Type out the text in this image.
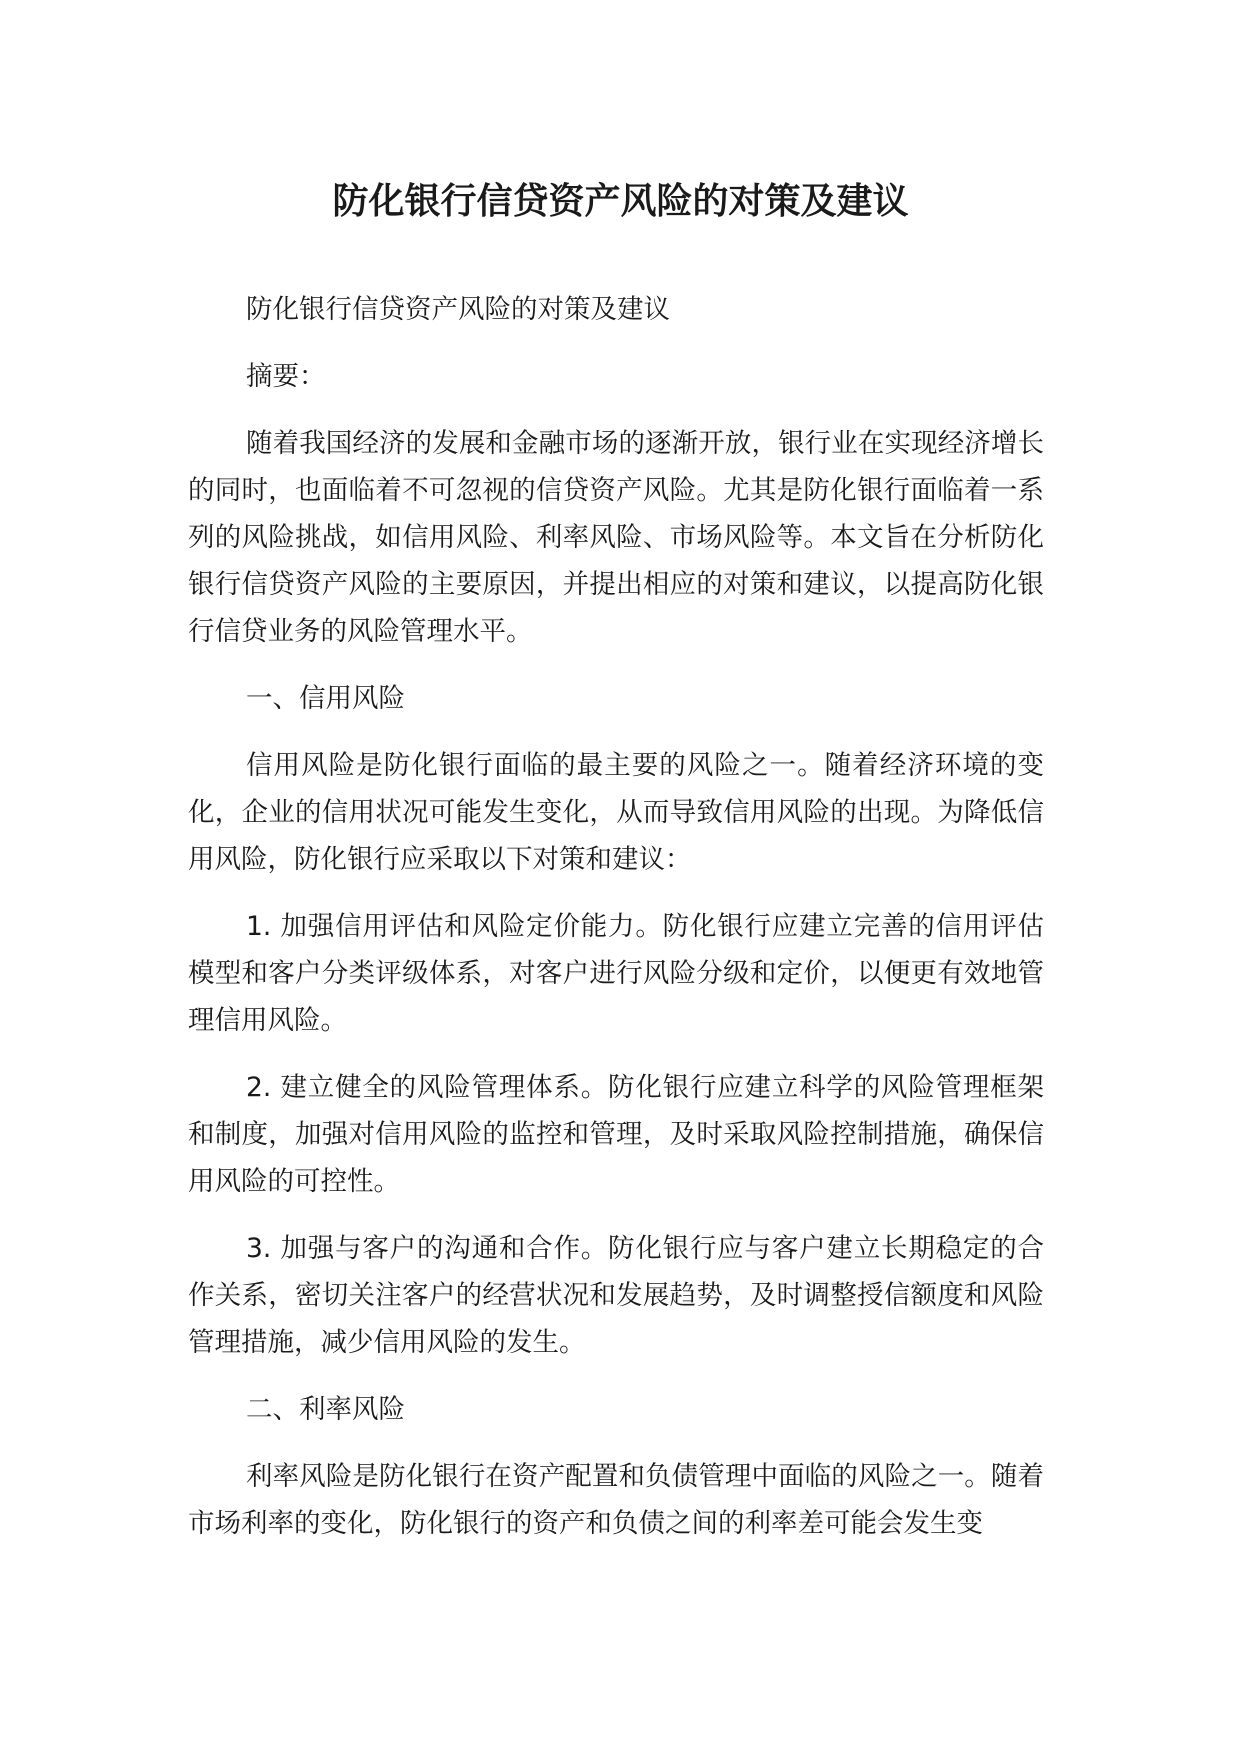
防化银行信贷资产风险的对策及建议

防化银行信贷资产风险的对策及建议

摘要：

随着我国经济的发展和金融市场的逐渐开放，银行业在实现经济增长的同时，也面临着不可忽视的信贷资产风险。尤其是防化银行面临着一系列的风险挑战，如信用风险、利率风险、市场风险等。本文旨在分析防化银行信贷资产风险的主要原因，并提出相应的对策和建议，以提高防化银行信贷业务的风险管理水平。

一、信用风险

信用风险是防化银行面临的最主要的风险之一。随着经济环境的变化，企业的信用状况可能发生变化，从而导致信用风险的出现。为降低信用风险，防化银行应采取以下对策和建议：

1. 加强信用评估和风险定价能力。防化银行应建立完善的信用评估模型和客户分类评级体系，对客户进行风险分级和定价，以便更有效地管理信用风险。

2. 建立健全的风险管理体系。防化银行应建立科学的风险管理框架和制度，加强对信用风险的监控和管理，及时采取风险控制措施，确保信用风险的可控性。

3. 加强与客户的沟通和合作。防化银行应与客户建立长期稳定的合作关系，密切关注客户的经营状况和发展趋势，及时调整授信额度和风险管理措施，减少信用风险的发生。

二、利率风险

利率风险是防化银行在资产配置和负债管理中面临的风险之一。随着市场利率的变化，防化银行的资产和负债之间的利率差可能会发生变
